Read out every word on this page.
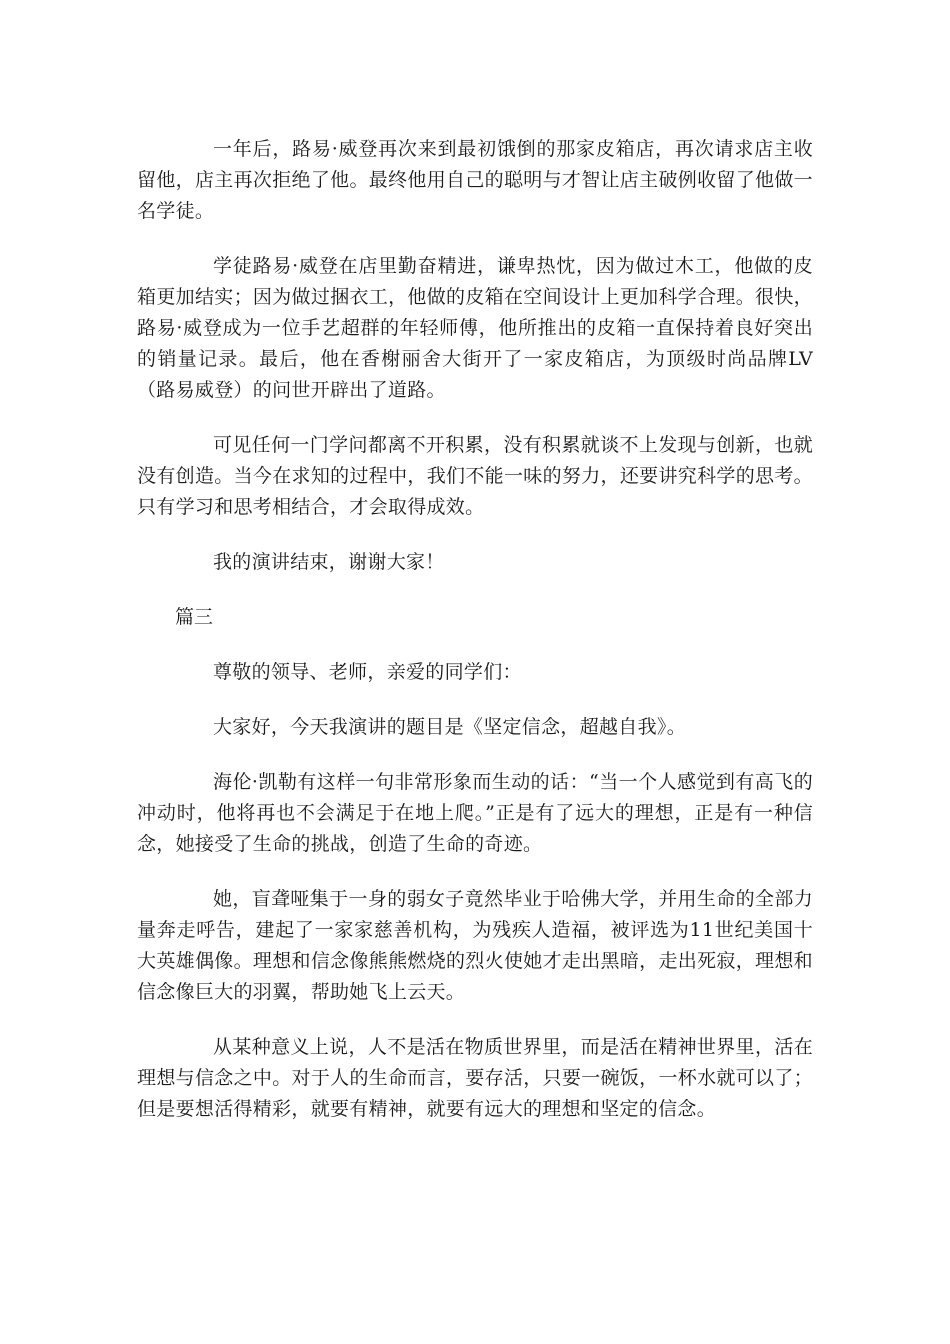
一年后，路易·威登再次来到最初饿倒的那家皮箱店，再次请求店主收留他，店主再次拒绝了他。最终他用自己的聪明与才智让店主破例收留了他做一名学徒。

学徒路易·威登在店里勤奋精进，谦卑热忱，因为做过木工，他做的皮箱更加结实；因为做过捆衣工，他做的皮箱在空间设计上更加科学合理。很快，路易·威登成为一位手艺超群的年轻师傅，他所推出的皮箱一直保持着良好突出的销量记录。最后，他在香榭丽舍大街开了一家皮箱店，为顶级时尚品牌LV（路易威登）的问世开辟出了道路。

可见任何一门学问都离不开积累，没有积累就谈不上发现与创新，也就没有创造。当今在求知的过程中，我们不能一味的努力，还要讲究科学的思考。只有学习和思考相结合，才会取得成效。

我的演讲结束，谢谢大家！

篇三

尊敬的领导、老师，亲爱的同学们：

大家好，今天我演讲的题目是《坚定信念，超越自我》。

海伦·凯勒有这样一句非常形象而生动的话：“当一个人感觉到有高飞的冲动时，他将再也不会满足于在地上爬。”正是有了远大的理想，正是有一种信念，她接受了生命的挑战，创造了生命的奇迹。

她，盲聋哑集于一身的弱女子竟然毕业于哈佛大学，并用生命的全部力量奔走呼告，建起了一家家慈善机构，为残疾人造福，被评选为11世纪美国十大英雄偶像。理想和信念像熊熊燃烧的烈火使她才走出黑暗，走出死寂，理想和信念像巨大的羽翼，帮助她飞上云天。

从某种意义上说，人不是活在物质世界里，而是活在精神世界里，活在理想与信念之中。对于人的生命而言，要存活，只要一碗饭，一杯水就可以了；但是要想活得精彩，就要有精神，就要有远大的理想和坚定的信念。
